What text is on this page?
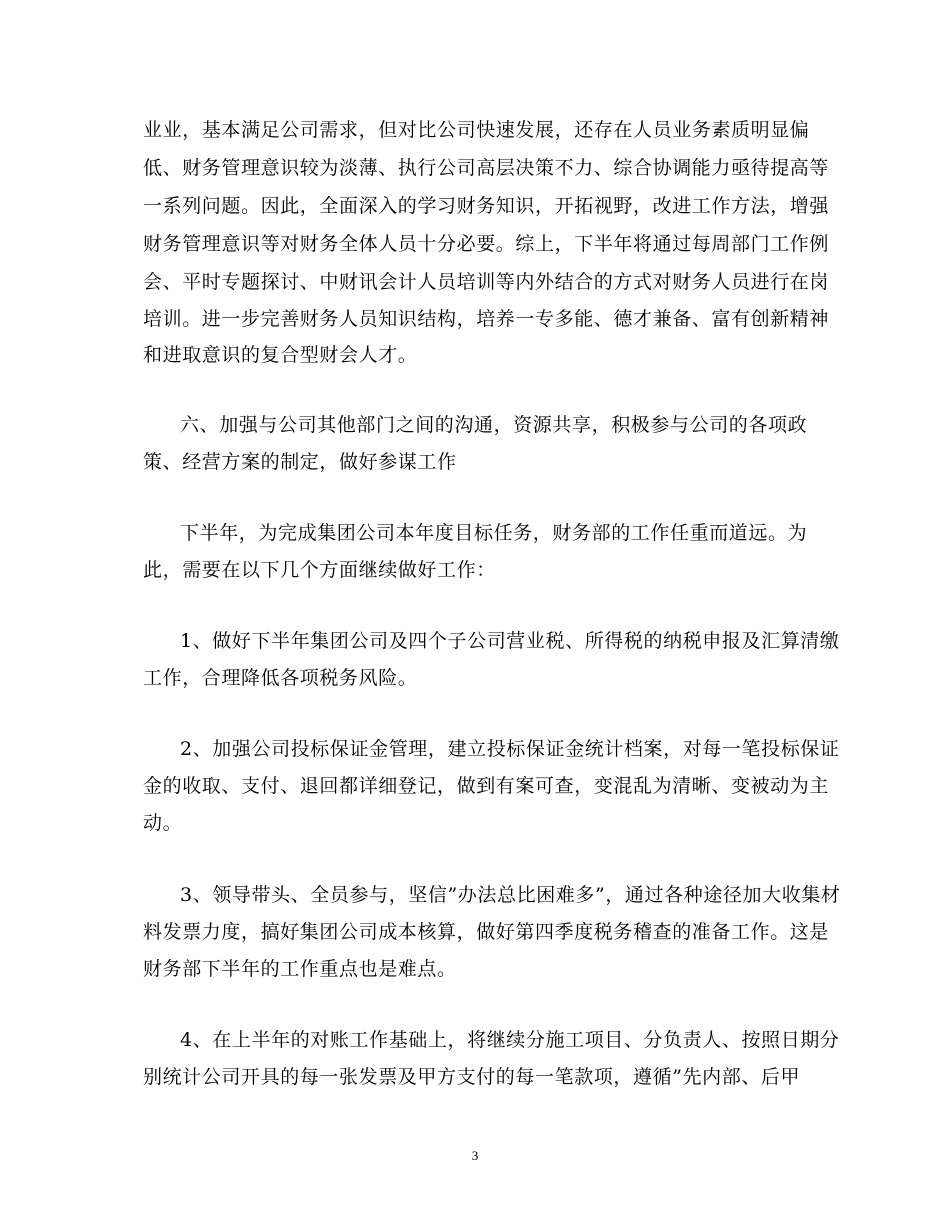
业业，基本满足公司需求，但对比公司快速发展，还存在人员业务素质明显偏
低、财务管理意识较为淡薄、执行公司高层决策不力、综合协调能力亟待提高等
一系列问题。因此，全面深入的学习财务知识，开拓视野，改进工作方法，增强
财务管理意识等对财务全体人员十分必要。综上，下半年将通过每周部门工作例
会、平时专题探讨、中财讯会计人员培训等内外结合的方式对财务人员进行在岗
培训。进一步完善财务人员知识结构，培养一专多能、德才兼备、富有创新精神
和进取意识的复合型财会人才。
六、加强与公司其他部门之间的沟通，资源共享，积极参与公司的各项政
策、经营方案的制定，做好参谋工作
下半年，为完成集团公司本年度目标任务，财务部的工作任重而道远。为
此，需要在以下几个方面继续做好工作：
1、做好下半年集团公司及四个子公司营业税、所得税的纳税申报及汇算清缴
工作，合理降低各项税务风险。
2、加强公司投标保证金管理，建立投标保证金统计档案，对每一笔投标保证
金的收取、支付、退回都详细登记，做到有案可查，变混乱为清晰、变被动为主
动。
3、领导带头、全员参与，坚信”办法总比困难多”，通过各种途径加大收集材
料发票力度，搞好集团公司成本核算，做好第四季度税务稽查的准备工作。这是
财务部下半年的工作重点也是难点。
4、在上半年的对账工作基础上，将继续分施工项目、分负责人、按照日期分
别统计公司开具的每一张发票及甲方支付的每一笔款项，遵循”先内部、后甲
3
